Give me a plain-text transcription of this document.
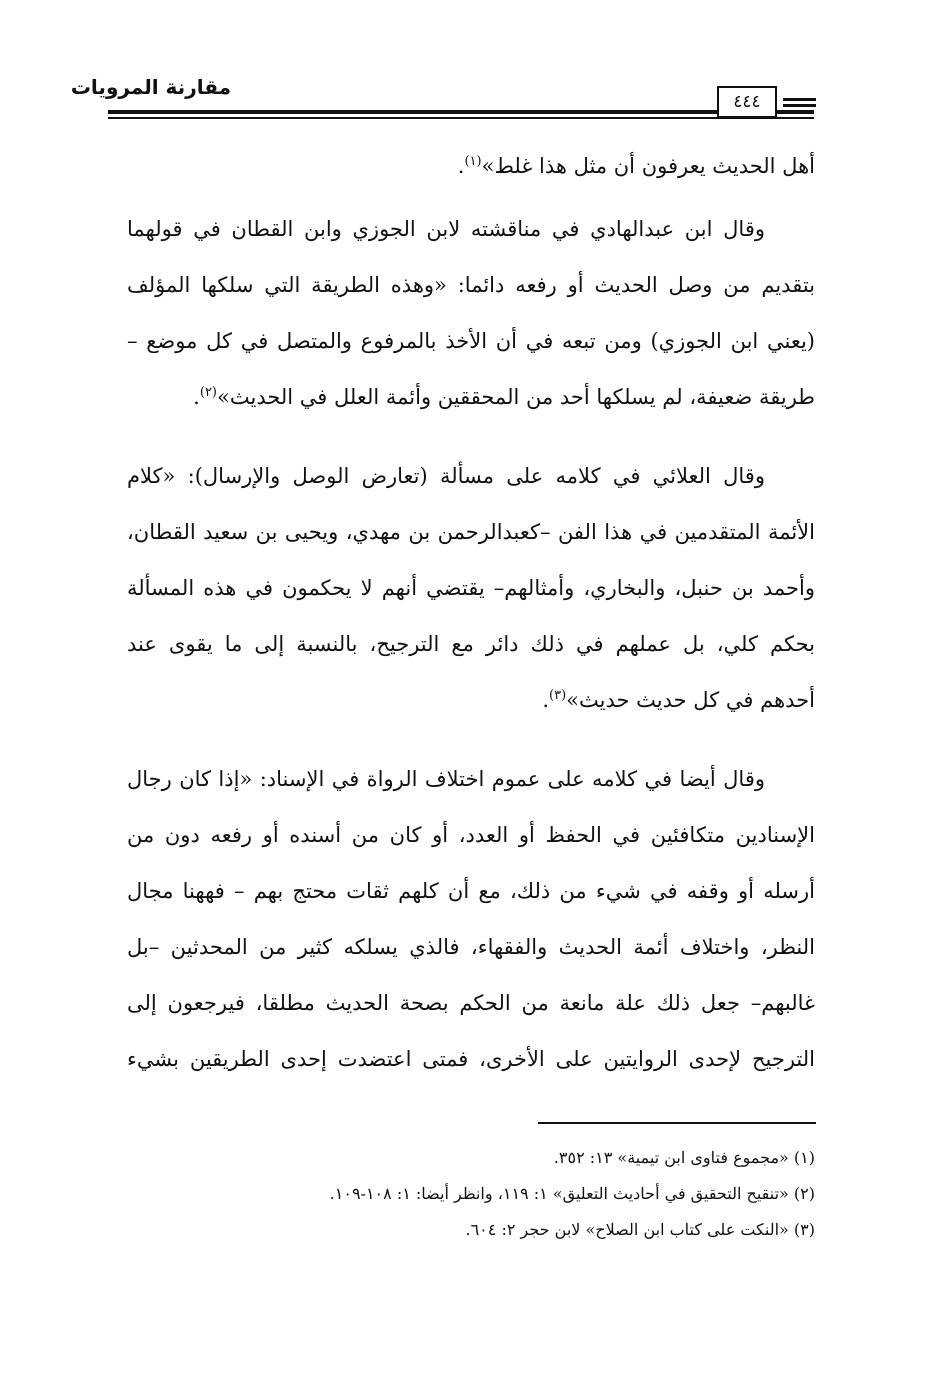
مقارنة المرويات
٤٤٤
أهل الحديث يعرفون أن مثل هذا غلط»$^{(١)}$.
وقال ابن عبدالهادي في مناقشته لابن الجوزي وابن القطان في قولهما
بتقديم من وصل الحديث أو رفعه دائما: «وهذه الطريقة التي سلكها المؤلف
(يعني ابن الجوزي) ومن تبعه في أن الأخذ بالمرفوع والمتصل في كل موضع –
طريقة ضعيفة، لم يسلكها أحد من المحققين وأئمة العلل في الحديث»$^{(٢)}$.
وقال العلائي في كلامه على مسألة (تعارض الوصل والإرسال): «كلام
الأئمة المتقدمين في هذا الفن –كعبدالرحمن بن مهدي، ويحيى بن سعيد القطان،
وأحمد بن حنبل، والبخاري، وأمثالهم– يقتضي أنهم لا يحكمون في هذه المسألة
بحكم كلي، بل عملهم في ذلك دائر مع الترجيح، بالنسبة إلى ما يقوى عند
أحدهم في كل حديث حديث»$^{(٣)}$.
وقال أيضا في كلامه على عموم اختلاف الرواة في الإسناد: «إذا كان رجال
الإسنادين متكافئين في الحفظ أو العدد، أو كان من أسنده أو رفعه دون من
أرسله أو وقفه في شيء من ذلك، مع أن كلهم ثقات محتج بهم – فههنا مجال
النظر، واختلاف أئمة الحديث والفقهاء، فالذي يسلكه كثير من المحدثين –بل
غالبهم– جعل ذلك علة مانعة من الحكم بصحة الحديث مطلقا، فيرجعون إلى
الترجيح لإحدى الروايتين على الأخرى، فمتى اعتضدت إحدى الطريقين بشيء
(١) «مجموع فتاوى ابن تيمية» ١٣: ٣٥٢.
(٢) «تنقيح التحقيق في أحاديث التعليق» ١: ١١٩، وانظر أيضا: ١: ١٠٨-١٠٩.
(٣) «النكت على كتاب ابن الصلاح» لابن حجر ٢: ٦٠٤.
